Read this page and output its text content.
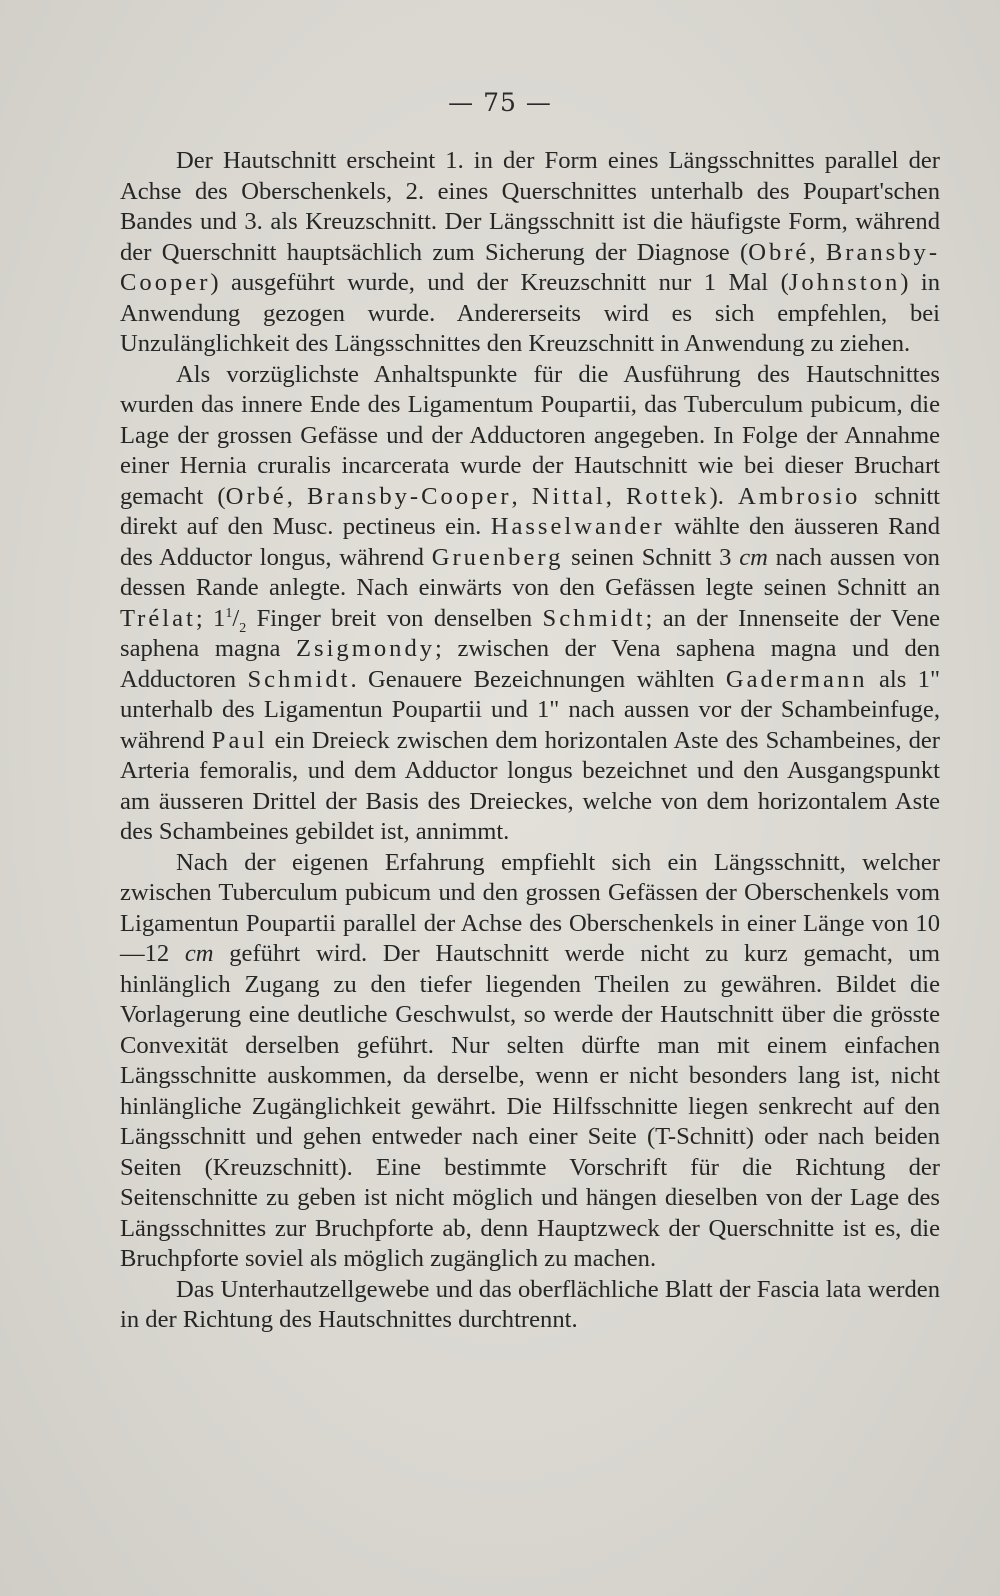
— 75 —

Der Hautschnitt erscheint 1. in der Form eines Längsschnittes parallel der Achse des Oberschenkels, 2. eines Querschnittes unterhalb des Poupart'schen Bandes und 3. als Kreuzschnitt. Der Längsschnitt ist die häufigste Form, während der Querschnitt hauptsächlich zum Sicherung der Diagnose (Obré, Bransby-Cooper) ausgeführt wurde, und der Kreuzschnitt nur 1 Mal (Johnston) in Anwendung gezogen wurde. Andererseits wird es sich empfehlen, bei Unzulänglichkeit des Längsschnittes den Kreuzschnitt in Anwendung zu ziehen.

Als vorzüglichste Anhaltspunkte für die Ausführung des Hautschnittes wurden das innere Ende des Ligamentum Poupartii, das Tuberculum pubicum, die Lage der grossen Gefässe und der Adductoren angegeben. In Folge der Annahme einer Hernia cruralis incarcerata wurde der Hautschnitt wie bei dieser Bruchart gemacht (Orbé, Bransby-Cooper, Nittal, Rottek). Ambrosio schnitt direkt auf den Musc. pectineus ein. Hasselwander wählte den äusseren Rand des Adductor longus, während Gruenberg seinen Schnitt 3 cm nach aussen von dessen Rande anlegte. Nach einwärts von den Gefässen legte seinen Schnitt an Trélat; $1^1/_2$ Finger breit von denselben Schmidt; an der Innenseite der Vene saphena magna Zsigmondy; zwischen der Vena saphena magna und den Adductoren Schmidt. Genauere Bezeichnungen wählten Gadermann als 1" unterhalb des Ligamentun Poupartii und 1" nach aussen vor der Schambeinfuge, während Paul ein Dreieck zwischen dem horizontalen Aste des Schambeines, der Arteria femoralis, und dem Adductor longus bezeichnet und den Ausgangspunkt am äusseren Drittel der Basis des Dreieckes, welche von dem horizontalem Aste des Schambeines gebildet ist, annimmt.

Nach der eigenen Erfahrung empfiehlt sich ein Längsschnitt, welcher zwischen Tuberculum pubicum und den grossen Gefässen der Oberschenkels vom Ligamentun Poupartii parallel der Achse des Oberschenkels in einer Länge von 10—12 cm geführt wird. Der Hautschnitt werde nicht zu kurz gemacht, um hinlänglich Zugang zu den tiefer liegenden Theilen zu gewähren. Bildet die Vorlagerung eine deutliche Geschwulst, so werde der Hautschnitt über die grösste Convexität derselben geführt. Nur selten dürfte man mit einem einfachen Längsschnitte auskommen, da derselbe, wenn er nicht besonders lang ist, nicht hinlängliche Zugänglichkeit gewährt. Die Hilfsschnitte liegen senkrecht auf den Längsschnitt und gehen entweder nach einer Seite (T-Schnitt) oder nach beiden Seiten (Kreuzschnitt). Eine bestimmte Vorschrift für die Richtung der Seitenschnitte zu geben ist nicht möglich und hängen dieselben von der Lage des Längsschnittes zur Bruchpforte ab, denn Hauptzweck der Querschnitte ist es, die Bruchpforte soviel als möglich zugänglich zu machen.

Das Unterhautzellgewebe und das oberflächliche Blatt der Fascia lata werden in der Richtung des Hautschnittes durchtrennt.
